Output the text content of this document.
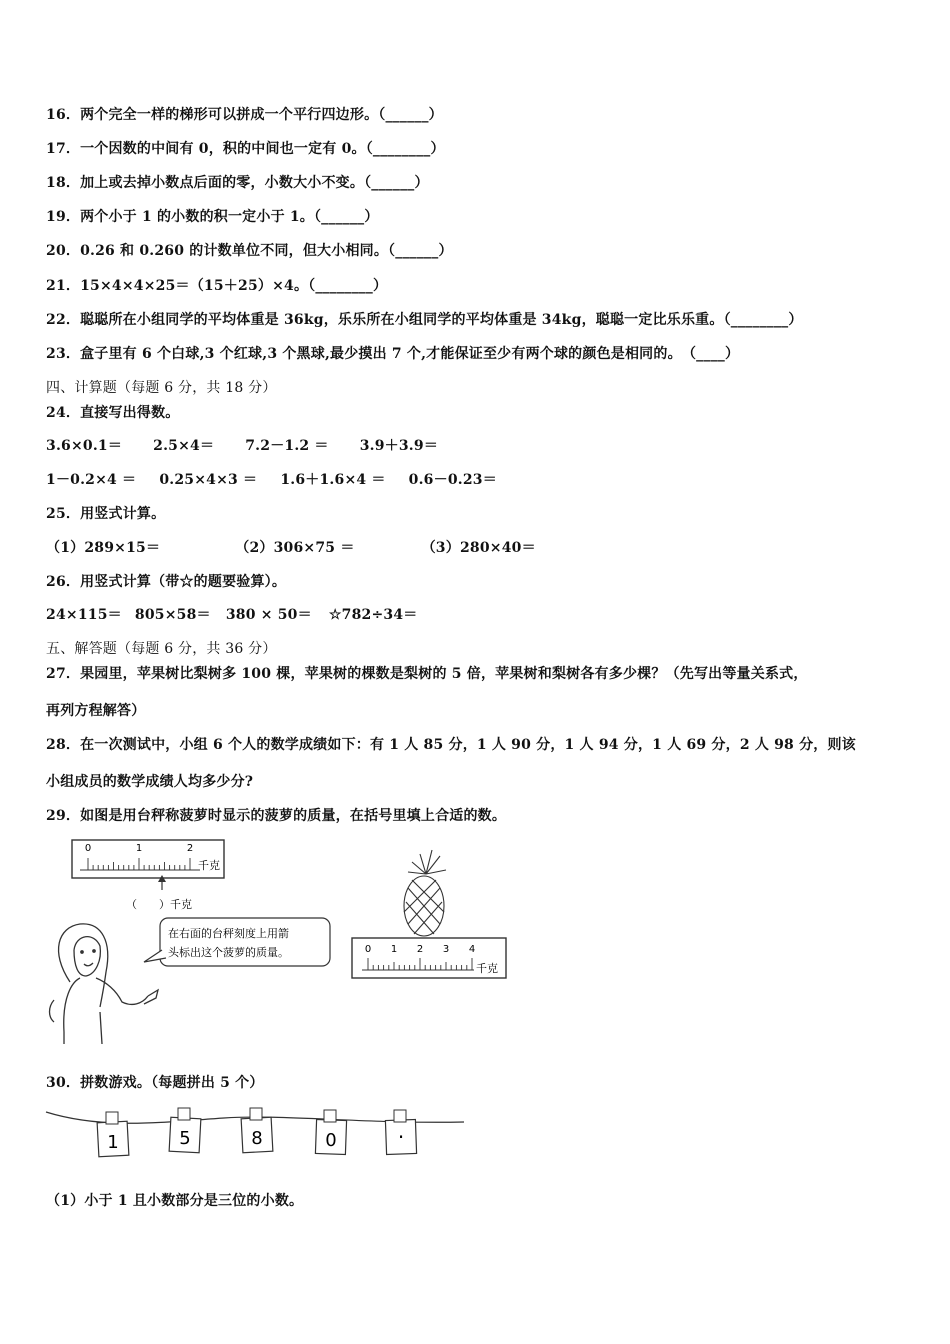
16．两个完全一样的梯形可以拼成一个平行四边形。（______）
17．一个因数的中间有 0，积的中间也一定有 0。（________）
18．加上或去掉小数点后面的零，小数大小不变。（______）
19．两个小于 1 的小数的积一定小于 1。（______）
20．0.26 和 0.260 的计数单位不同，但大小相同。（______）
21．15×4×4×25＝（15＋25）×4。（________）
22．聪聪所在小组同学的平均体重是 36kg，乐乐所在小组同学的平均体重是 34kg，聪聪一定比乐乐重。（________）
23．盒子里有 6 个白球,3 个红球,3 个黑球,最少摸出 7 个,才能保证至少有两个球的颜色是相同的。　（____）
四、计算题（每题 6 分，共 18 分）
24．直接写出得数。
3.6×0.1＝ 2.5×4＝ 7.2－1.2 ＝ 3.9＋3.9＝
1－0.2×4 ＝ 0.25×4×3 ＝ 1.6＋1.6×4 ＝ 0.6－0.23＝
25．用竖式计算。
（1）289×15＝	（2）306×75 ＝	（3）280×40＝
26．用竖式计算（带☆的题要验算）。
24×115＝ 805×58＝ 380 × 50＝ ☆782÷34＝
五、解答题（每题 6 分，共 36 分）
27．果园里，苹果树比梨树多 100 棵，苹果树的棵数是梨树的 5 倍，苹果树和梨树各有多少棵？（先写出等量关系式，
再列方程解答）
28．在一次测试中，小组 6 个人的数学成绩如下：有 1 人 85 分，1 人 90 分，1 人 94 分，1 人 69 分，2 人 98 分，则该
小组成员的数学成绩人均多少分?
29．如图是用台秤称菠萝时显示的菠萝的质量，在括号里填上合适的数。
0	1	2
千克
（　　）千克
在右面的台秤刻度上用箭
头标出这个菠萝的质量。	0 1 2 3 4
千克
30．拼数游戏。（每题拼出 5 个）
1	5	8	0	·
（1）小于 1 且小数部分是三位的小数。
